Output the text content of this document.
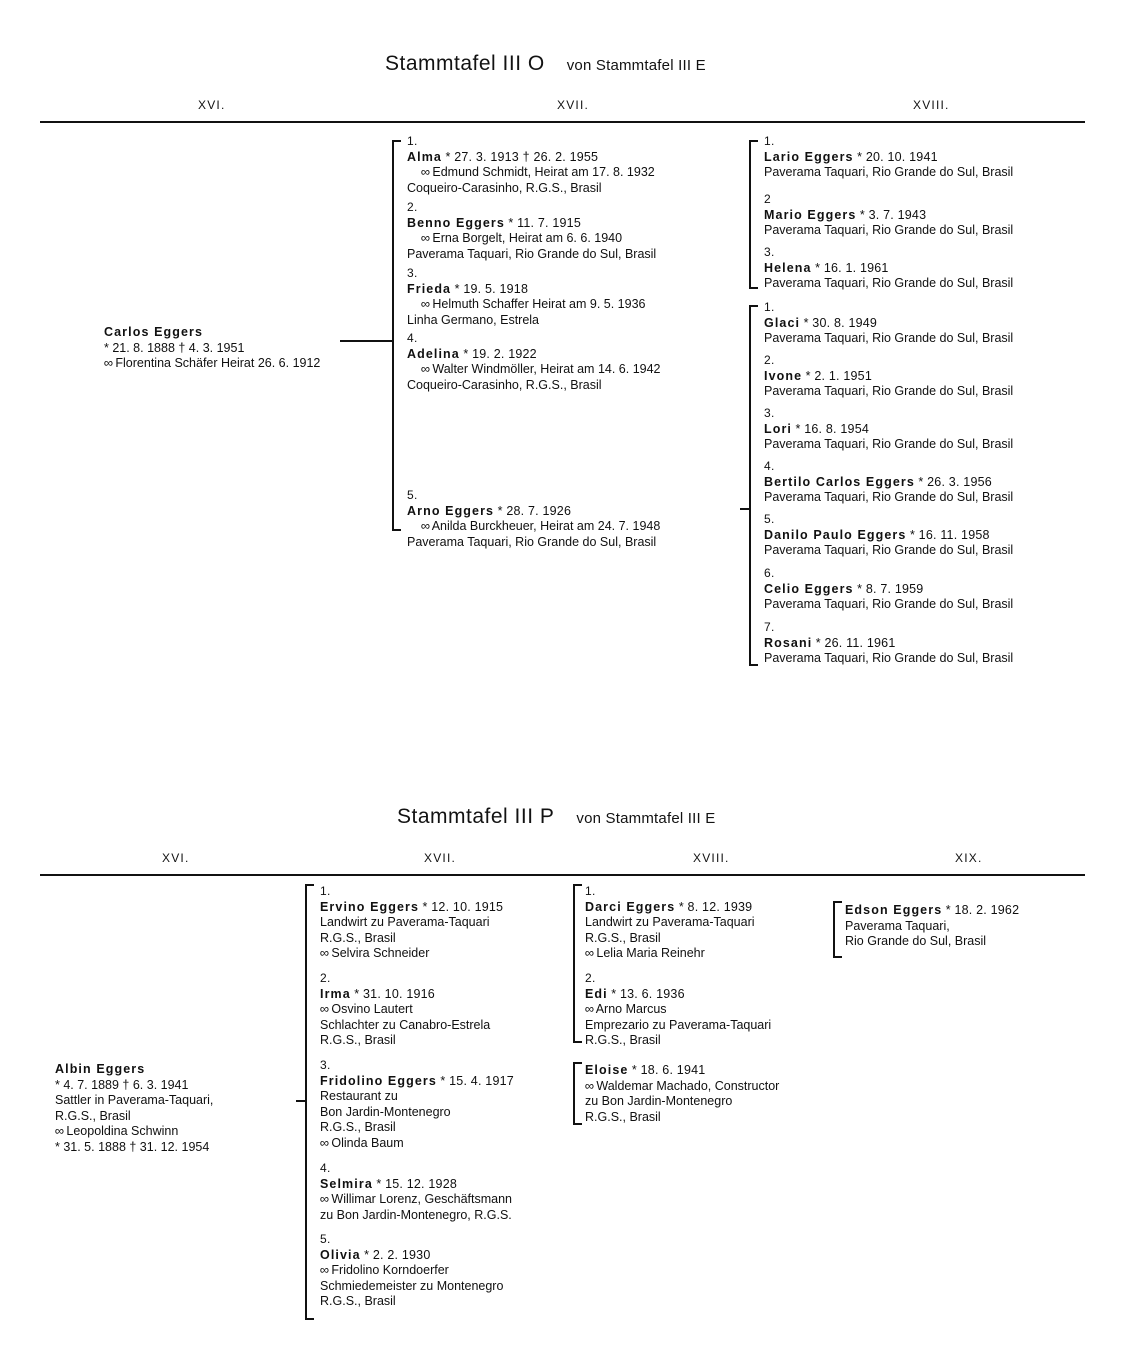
Stammtafel III O von Stammtafel III E
XVI.	XVII.	XVIII.
Carlos Eggers
* 21. 8. 1888 † 4. 3. 1951
∞ Florentina Schäfer Heirat 26. 6. 1912
1.
Alma * 27. 3. 1913 † 26. 2. 1955
∞ Edmund Schmidt, Heirat am 17. 8. 1932
Coqueiro-Carasinho, R.G.S., Brasil
2.
Benno Eggers * 11. 7. 1915
∞ Erna Borgelt, Heirat am 6. 6. 1940
Paverama Taquari, Rio Grande do Sul, Brasil
3.
Frieda * 19. 5. 1918
∞ Helmuth Schaffer Heirat am 9. 5. 1936
Linha Germano, Estrela
4.
Adelina * 19. 2. 1922
∞ Walter Windmöller, Heirat am 14. 6. 1942
Coqueiro-Carasinho, R.G.S., Brasil
5.
Arno Eggers * 28. 7. 1926
∞ Anilda Burckheuer, Heirat am 24. 7. 1948
Paverama Taquari, Rio Grande do Sul, Brasil
1.
Lario Eggers * 20. 10. 1941
Paverama Taquari, Rio Grande do Sul, Brasil
2
Mario Eggers * 3. 7. 1943
Paverama Taquari, Rio Grande do Sul, Brasil
3.
Helena * 16. 1. 1961
Paverama Taquari, Rio Grande do Sul, Brasil
1.
Glaci * 30. 8. 1949
Paverama Taquari, Rio Grande do Sul, Brasil
2.
Ivone * 2. 1. 1951
Paverama Taquari, Rio Grande do Sul, Brasil
3.
Lori * 16. 8. 1954
Paverama Taquari, Rio Grande do Sul, Brasil
4.
Bertilo Carlos Eggers * 26. 3. 1956
Paverama Taquari, Rio Grande do Sul, Brasil
5.
Danilo Paulo Eggers * 16. 11. 1958
Paverama Taquari, Rio Grande do Sul, Brasil
6.
Celio Eggers * 8. 7. 1959
Paverama Taquari, Rio Grande do Sul, Brasil
7.
Rosani * 26. 11. 1961
Paverama Taquari, Rio Grande do Sul, Brasil
Stammtafel III P von Stammtafel III E
XVI.	XVII.	XVIII.	XIX.
Albin Eggers
* 4. 7. 1889 † 6. 3. 1941
Sattler in Paverama-Taquari,
R.G.S., Brasil
∞ Leopoldina Schwinn
* 31. 5. 1888 † 31. 12. 1954
1.
Ervino Eggers * 12. 10. 1915
Landwirt zu Paverama-Taquari
R.G.S., Brasil
∞ Selvira Schneider
2.
Irma * 31. 10. 1916
∞ Osvino Lautert
Schlachter zu Canabro-Estrela
R.G.S., Brasil
3.
Fridolino Eggers * 15. 4. 1917
Restaurant zu
Bon Jardin-Montenegro
R.G.S., Brasil
∞ Olinda Baum
4.
Selmira * 15. 12. 1928
∞ Willimar Lorenz, Geschäftsmann
zu Bon Jardin-Montenegro, R.G.S.
5.
Olivia * 2. 2. 1930
∞ Fridolino Korndoerfer
Schmiedemeister zu Montenegro
R.G.S., Brasil
1.
Darci Eggers * 8. 12. 1939
Landwirt zu Paverama-Taquari
R.G.S., Brasil
∞ Lelia Maria Reinehr
2.
Edi * 13. 6. 1936
∞ Arno Marcus
Emprezario zu Paverama-Taquari
R.G.S., Brasil
Eloise * 18. 6. 1941
∞ Waldemar Machado, Constructor
zu Bon Jardin-Montenegro
R.G.S., Brasil
Edson Eggers * 18. 2. 1962
Paverama Taquari,
Rio Grande do Sul, Brasil
